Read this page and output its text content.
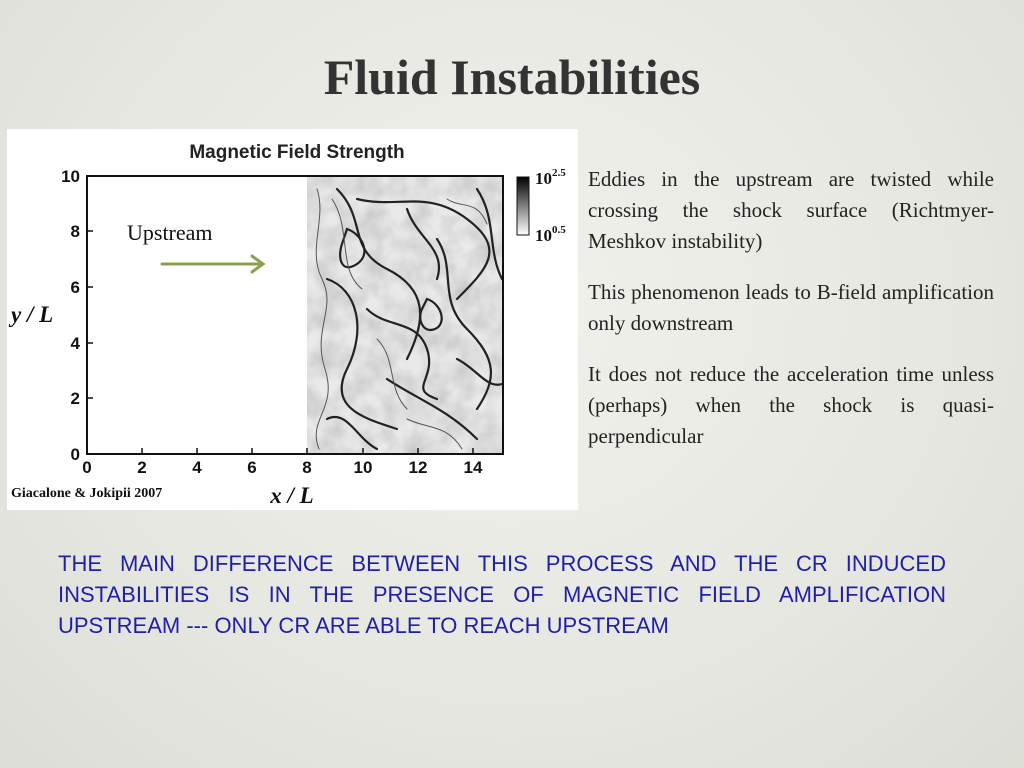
Fluid Instabilities
Magnetic Field Strength
10
8
6
4
2
0
0	2	4	6	8 10 12 14
x / L
y / L
$10^{2.5}$
$10^{0.5}$
Upstream
Giacalone & Jokipii 2007

Eddies in the upstream are twisted while crossing the shock surface (Richtmyer-Meshkov instability)

This phenomenon leads to B-field amplification only downstream

It does not reduce the acceleration time unless (perhaps) when the shock is quasi-perpendicular

THE MAIN DIFFERENCE BETWEEN THIS PROCESS AND THE CR INDUCED INSTABILITIES IS IN THE PRESENCE OF MAGNETIC FIELD AMPLIFICATION UPSTREAM --- ONLY CR ARE ABLE TO REACH UPSTREAM
